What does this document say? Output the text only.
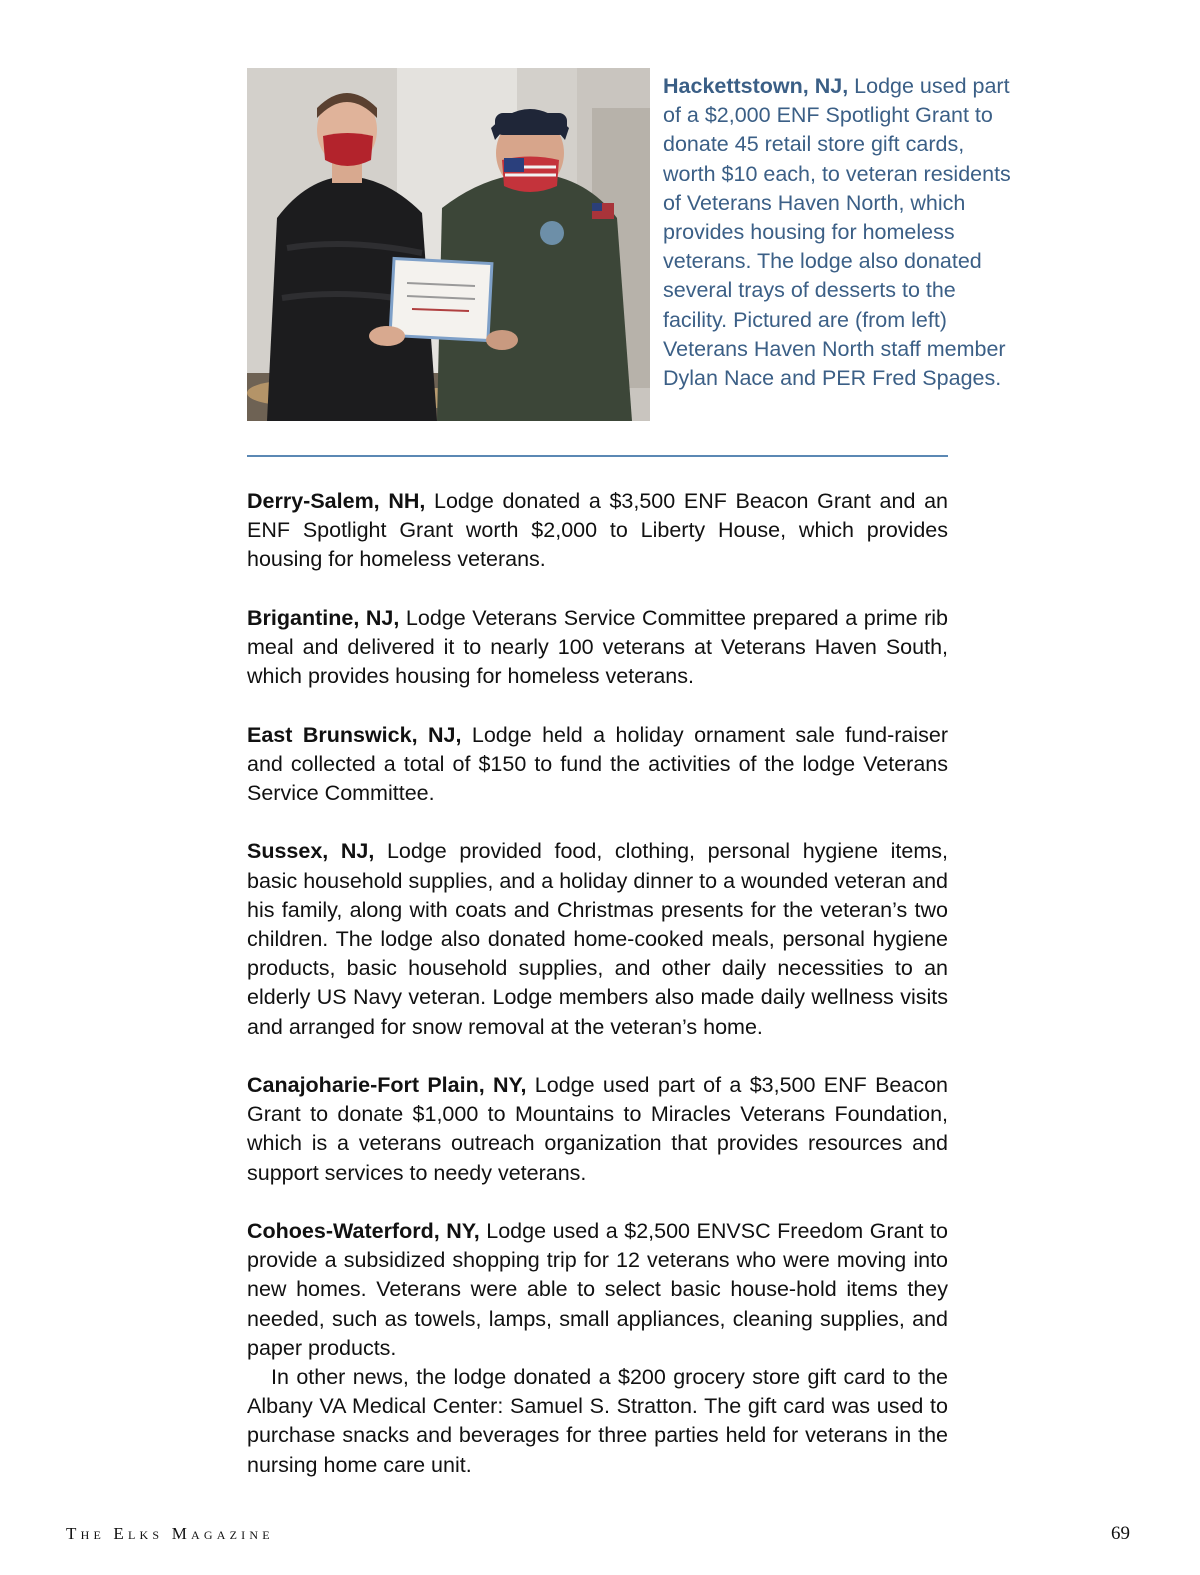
Hackettstown, NJ, Lodge used part of a $2,000 ENF Spotlight Grant to donate 45 retail store gift cards, worth $10 each, to veteran residents of Veterans Haven North, which provides housing for homeless veterans. The lodge also donated several trays of desserts to the facility. Pictured are (from left) Veterans Haven North staff member Dylan Nace and PER Fred Spages.

Derry-Salem, NH, Lodge donated a $3,500 ENF Beacon Grant and an ENF Spotlight Grant worth $2,000 to Liberty House, which provides housing for homeless veterans.

Brigantine, NJ, Lodge Veterans Service Committee prepared a prime rib meal and delivered it to nearly 100 veterans at Veterans Haven South, which provides housing for homeless veterans.

East Brunswick, NJ, Lodge held a holiday ornament sale fund-raiser and collected a total of $150 to fund the activities of the lodge Veterans Service Committee.

Sussex, NJ, Lodge provided food, clothing, personal hygiene items, basic household supplies, and a holiday dinner to a wounded veteran and his family, along with coats and Christmas presents for the veteran’s two children. The lodge also donated home-cooked meals, personal hygiene products, basic household supplies, and other daily necessities to an elderly US Navy veteran. Lodge members also made daily wellness visits and arranged for snow removal at the veteran’s home.

Canajoharie-Fort Plain, NY, Lodge used part of a $3,500 ENF Beacon Grant to donate $1,000 to Mountains to Miracles Veterans Foundation, which is a veterans outreach organization that provides resources and support services to needy veterans.

Cohoes-Waterford, NY, Lodge used a $2,500 ENVSC Freedom Grant to provide a subsidized shopping trip for 12 veterans who were moving into new homes. Veterans were able to select basic house-hold items they needed, such as towels, lamps, small appliances, cleaning supplies, and paper products.

In other news, the lodge donated a $200 grocery store gift card to the Albany VA Medical Center: Samuel S. Stratton. The gift card was used to purchase snacks and beverages for three parties held for veterans in the nursing home care unit.

The Elks Magazine	69
